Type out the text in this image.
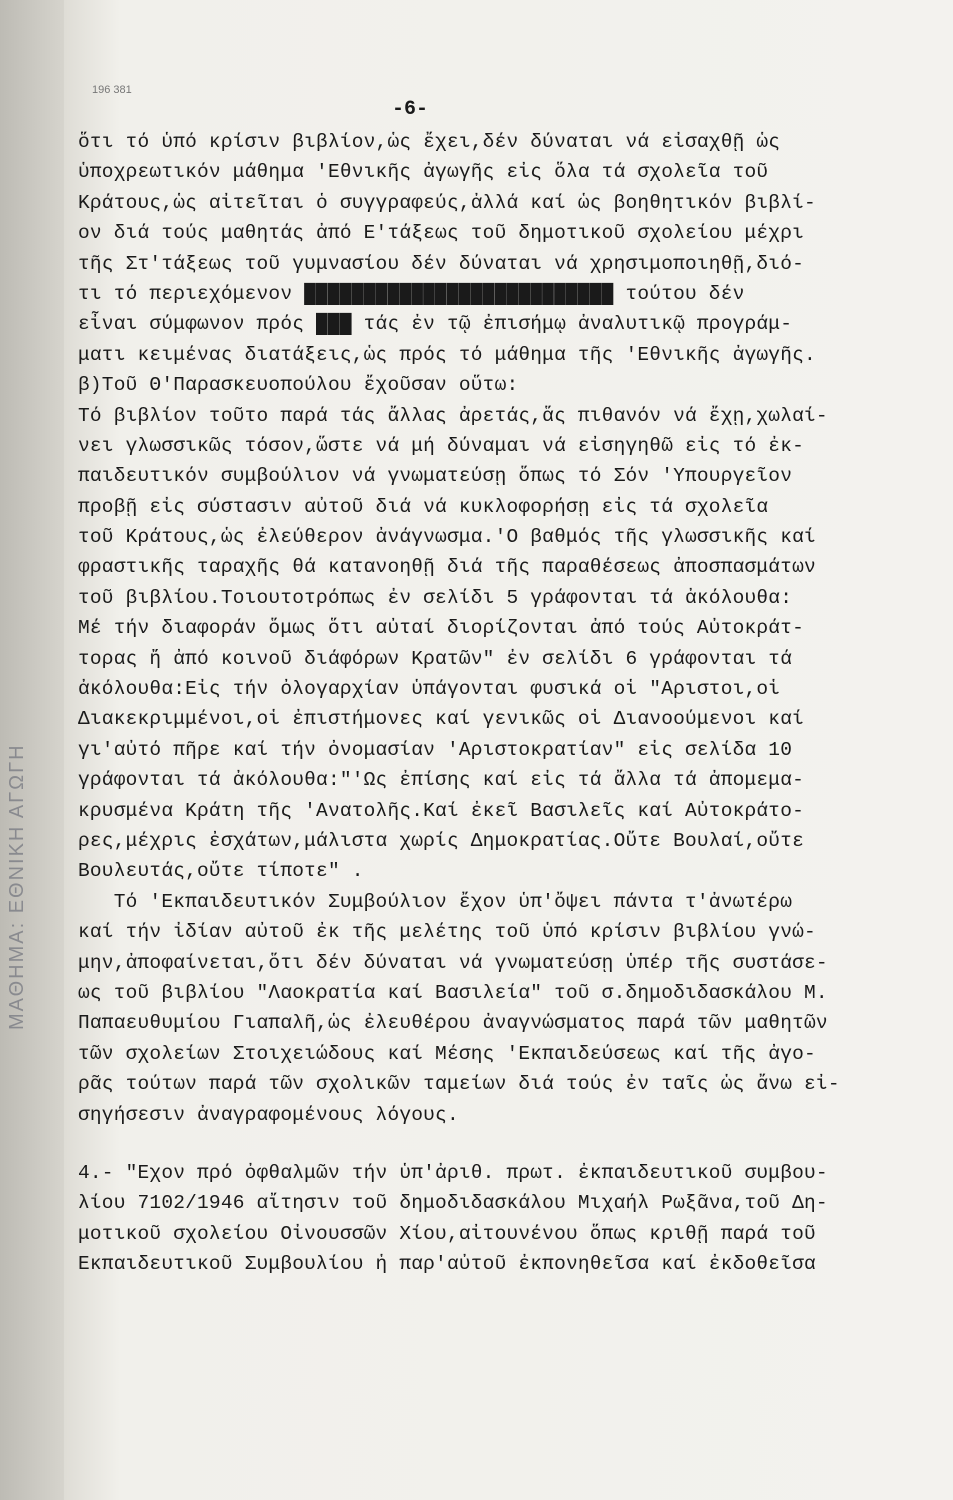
ΜΑΘΗΜΑ: ΕΘΝΙΚΗ ΑΓΩΓΗ
196 381
-6-
ὅτι τό ὑπό κρίσιν βιβλίον,ὡς ἔχει,δέν δύναται νά εἰσαχθῇ ὡς
ὑποχρεωτικόν μάθημα 'Εθνικῆς ἀγωγῆς εἰς ὅλα τά σχολεῖα τοῦ
Κράτους,ὡς αἰτεῖται ὁ συγγραφεύς,ἀλλά καί ὡς βοηθητικόν βιβλί-
ον διά τούς μαθητάς ἀπό Ε'τάξεως τοῦ δημοτικοῦ σχολείου μέχρι
τῆς Στ'τάξεως τοῦ γυμνασίου δέν δύναται νά χρησιμοποιηθῇ,διό-
τι τό περιεχόμενον ██████████████████████████ τούτου δέν
εἶναι σύμφωνον πρός ███ τάς ἐν τῷ ἐπισήμῳ ἀναλυτικῷ προγράμ-
ματι κειμένας διατάξεις,ὡς πρός τό μάθημα τῆς 'Εθνικῆς ἀγωγῆς.
β)Τοῦ Θ'Παρασκευοπούλου ἔχοῦσαν οὕτω:
Τό βιβλίον τοῦτο παρά τάς ἄλλας ἀρετάς,ἅς πιθανόν νά ἔχῃ,χωλαί-
νει γλωσσικῶς τόσον,ὥστε νά μή δύναμαι νά εἰσηγηθῶ εἰς τό ἐκ-
παιδευτικόν συμβούλιον νά γνωματεύσῃ ὅπως τό Σόν 'Υπουργεῖον
προβῇ εἰς σύστασιν αὐτοῦ διά νά κυκλοφορήσῃ εἰς τά σχολεῖα
τοῦ Κράτους,ὡς ἐλεύθερον ἀνάγνωσμα.'Ο βαθμός τῆς γλωσσικῆς καί
φραστικῆς ταραχῆς θά κατανοηθῇ διά τῆς παραθέσεως ἀποσπασμάτων
τοῦ βιβλίου.Τοιουτοτρόπως ἐν σελίδι 5 γράφονται τά ἀκόλουθα:
Μέ τήν διαφοράν ὅμως ὅτι αὐταί διορίζονται ἀπό τούς Αὐτοκράτ-
τορας ἤ ἀπό κοινοῦ διάφόρων Κρατῶν" ἐν σελίδι 6 γράφονται τά
ἀκόλουθα:Εἰς τήν ὀλογαρχίαν ὑπάγονται φυσικά οἱ "Αριστοι,οἱ
Διακεκριμμένοι,οἱ ἐπιστήμονες καί γενικῶς οἱ Διανοούμενοι καί
γι'αὐτό πῆρε καί τήν ὀνομασίαν 'Αριστοκρατίαν" εἰς σελίδα 10
γράφονται τά ἀκόλουθα:"'Ως ἐπίσης καί εἰς τά ἄλλα τά ἀπομεμα-
κρυσμένα Κράτη τῆς 'Ανατολῆς.Καί ἐκεῖ Βασιλεῖς καί Αὐτοκράτο-
ρες,μέχρις ἐσχάτων,μάλιστα χωρίς Δημοκρατίας.Οὔτε Βουλαί,οὔτε
Βουλευτάς,οὔτε τίποτε" .
Τό 'Εκπαιδευτικόν Συμβούλιον ἔχον ὑπ'ὄψει πάντα τ'ἀνωτέρω
καί τήν ἰδίαν αὐτοῦ ἐκ τῆς μελέτης τοῦ ὑπό κρίσιν βιβλίου γνώ-
μην,ἀποφαίνεται,ὅτι δέν δύναται νά γνωματεύσῃ ὑπέρ τῆς συστάσε-
ως τοῦ βιβλίου "Λαοκρατία καί Βασιλεία" τοῦ σ.δημοδιδασκάλου Μ.
Παπαευθυμίου Γιαπαλῆ,ὡς ἐλευθέρου ἀναγνώσματος παρά τῶν μαθητῶν
τῶν σχολείων Στοιχειώδους καί Μέσης 'Εκπαιδεύσεως καί τῆς ἀγο-
ρᾶς τούτων παρά τῶν σχολικῶν ταμείων διά τούς ἐν ταῖς ὡς ἄνω εἰ-
σηγήσεσιν ἀναγραφομένους λόγους.
4.- "Εχον πρό ὀφθαλμῶν τήν ὑπ'ἀριθ. πρωτ. ἐκπαιδευτικοῦ συμβου-
λίου 7102/1946 αἴτησιν τοῦ δημοδιδασκάλου Μιχαήλ Ρωξᾶνα,τοῦ Δη-
μοτικοῦ σχολείου Οἰνουσσῶν Χίου,αἰτουνένου ὅπως κριθῇ παρά τοῦ
Εκπαιδευτικοῦ Συμβουλίου ἡ παρ'αὐτοῦ ἐκπονηθεῖσα καί ἐκδοθεῖσα
